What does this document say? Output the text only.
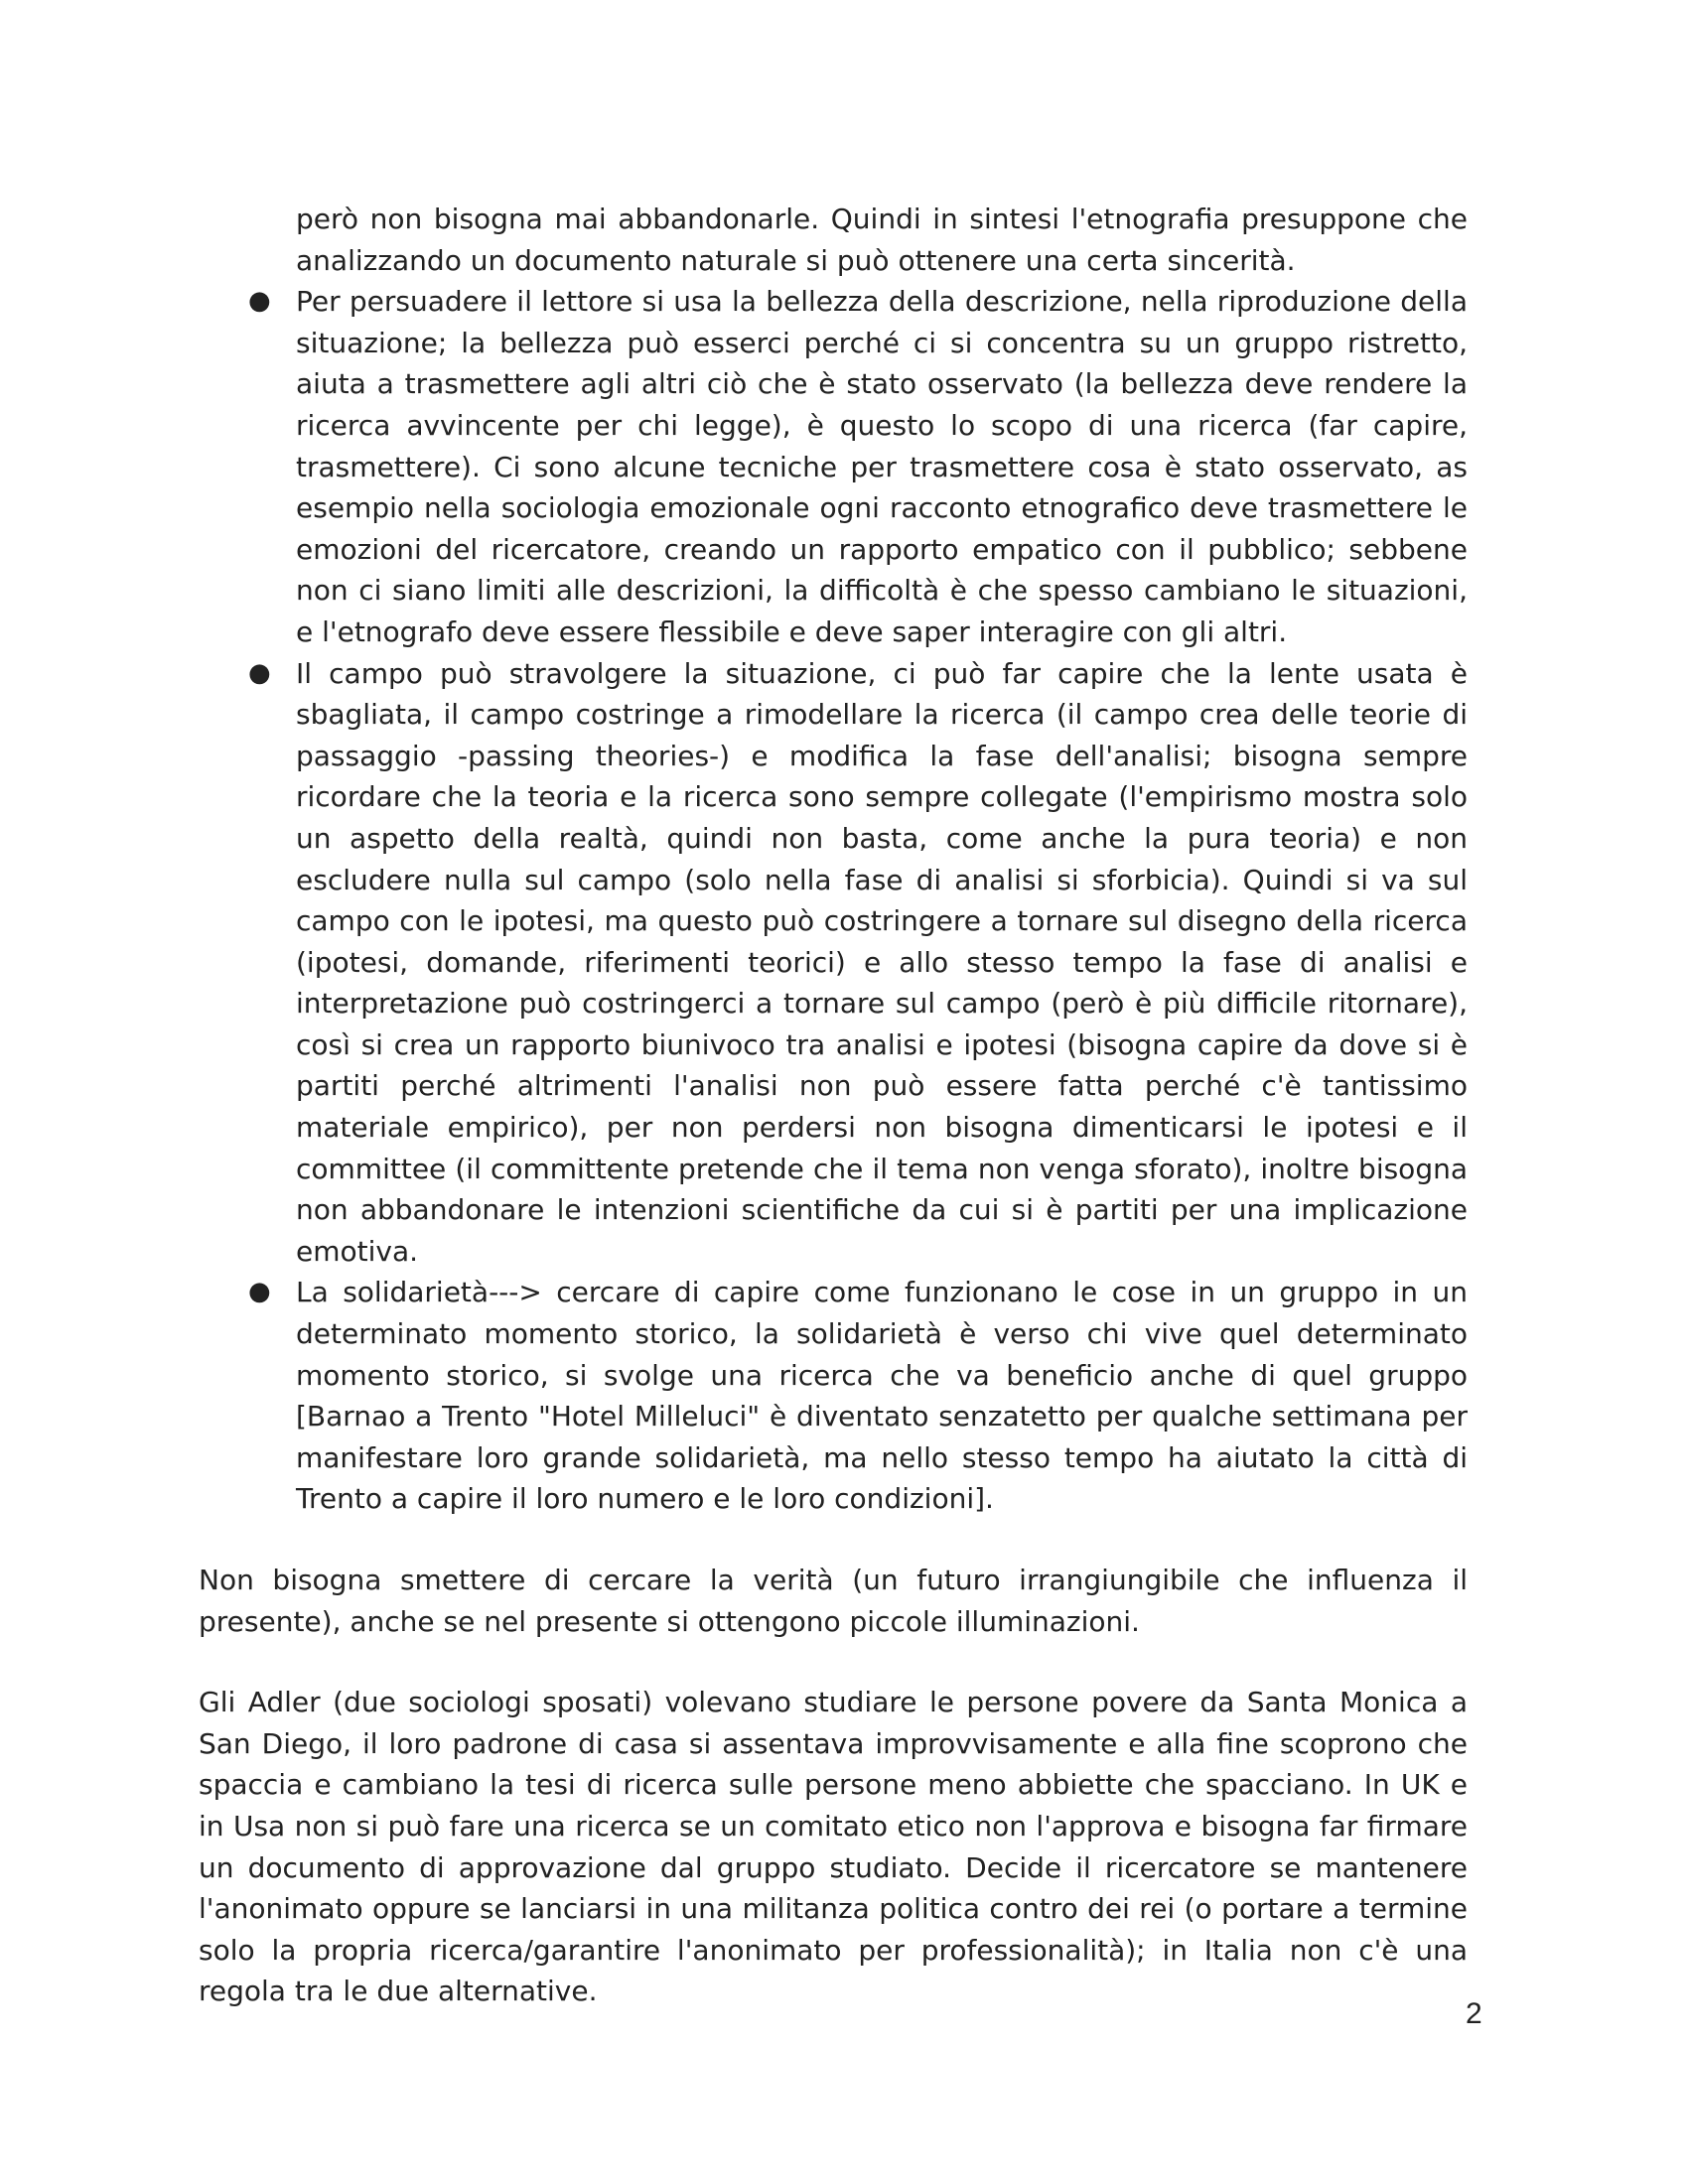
però non bisogna mai abbandonarle. Quindi in sintesi l'etnografia presuppone che analizzando un documento naturale si può ottenere una certa sincerità.

● Per persuadere il lettore si usa la bellezza della descrizione, nella riproduzione della situazione; la bellezza può esserci perché ci si concentra su un gruppo ristretto, aiuta a trasmettere agli altri ciò che è stato osservato (la bellezza deve rendere la ricerca avvincente per chi legge), è questo lo scopo di una ricerca (far capire, trasmettere). Ci sono alcune tecniche per trasmettere cosa è stato osservato, as esempio nella sociologia emozionale ogni racconto etnografico deve trasmettere le emozioni del ricercatore, creando un rapporto empatico con il pubblico; sebbene non ci siano limiti alle descrizioni, la difficoltà è che spesso cambiano le situazioni, e l'etnografo deve essere flessibile e deve saper interagire con gli altri.
● Il campo può stravolgere la situazione, ci può far capire che la lente usata è sbagliata, il campo costringe a rimodellare la ricerca (il campo crea delle teorie di passaggio -passing theories-) e modifica la fase dell'analisi; bisogna sempre ricordare che la teoria e la ricerca sono sempre collegate (l'empirismo mostra solo un aspetto della realtà, quindi non basta, come anche la pura teoria) e non escludere nulla sul campo (solo nella fase di analisi si sforbicia). Quindi si va sul campo con le ipotesi, ma questo può costringere a tornare sul disegno della ricerca (ipotesi, domande, riferimenti teorici) e allo stesso tempo la fase di analisi e interpretazione può costringerci a tornare sul campo (però è più difficile ritornare), così si crea un rapporto biunivoco tra analisi e ipotesi (bisogna capire da dove si è partiti perché altrimenti l'analisi non può essere fatta perché c'è tantissimo materiale empirico), per non perdersi non bisogna dimenticarsi le ipotesi e il committee (il committente pretende che il tema non venga sforato), inoltre bisogna non abbandonare le intenzioni scientifiche da cui si è partiti per una implicazione emotiva.
● La solidarietà---> cercare di capire come funzionano le cose in un gruppo in un determinato momento storico, la solidarietà è verso chi vive quel determinato momento storico, si svolge una ricerca che va beneficio anche di quel gruppo [Barnao a Trento "Hotel Milleluci" è diventato senzatetto per qualche settimana per manifestare loro grande solidarietà, ma nello stesso tempo ha aiutato la città di Trento a capire il loro numero e le loro condizioni].

Non bisogna smettere di cercare la verità (un futuro irrangiungibile che influenza il presente), anche se nel presente si ottengono piccole illuminazioni.

Gli Adler (due sociologi sposati) volevano studiare le persone povere da Santa Monica a San Diego, il loro padrone di casa si assentava improvvisamente e alla fine scoprono che spaccia e cambiano la tesi di ricerca sulle persone meno abbiette che spacciano. In UK e in Usa non si può fare una ricerca se un comitato etico non l'approva e bisogna far firmare un documento di approvazione dal gruppo studiato. Decide il ricercatore se mantenere l'anonimato oppure se lanciarsi in una militanza politica contro dei rei (o portare a termine solo la propria ricerca/garantire l'anonimato per professionalità); in Italia non c'è una regola tra le due alternative.

2
